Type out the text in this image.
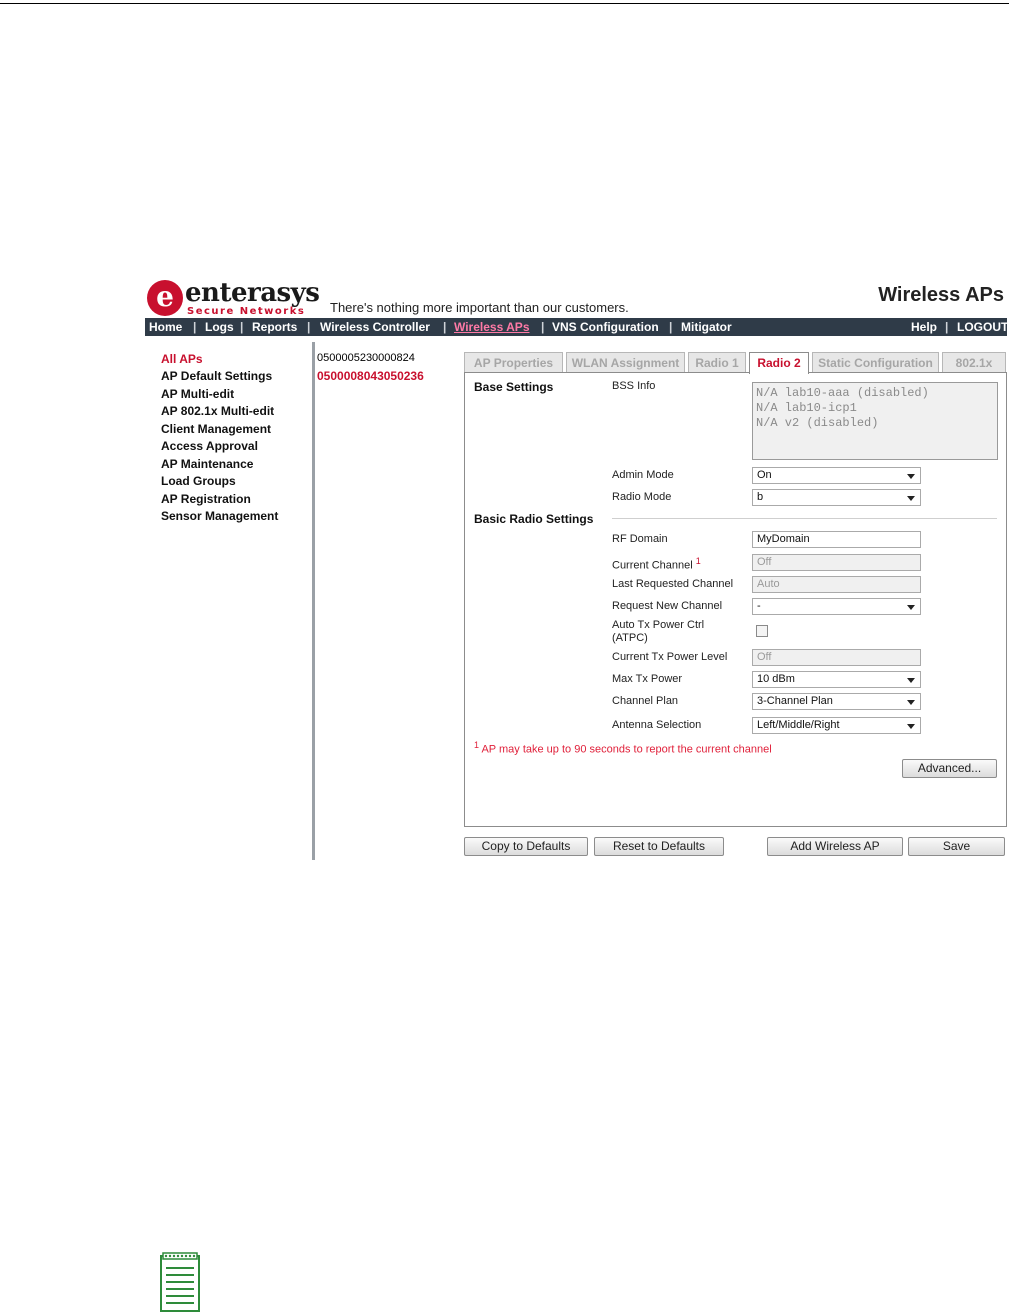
e enterasys
Secure Networks There's nothing more important than our customers.
Wireless APs
Home | Logs | Reports | Wireless Controller | Wireless APs | VNS Configuration | Mitigator	Help | LOGOUT
All APs
AP Default Settings
AP Multi-edit
AP 802.1x Multi-edit
Client Management
Access Approval
AP Maintenance
Load Groups
AP Registration
Sensor Management
0500005230000824
0500008043050236
AP Properties	WLAN Assignment	Radio 1	Radio 2	Static Configuration	802.1x
Base Settings	BSS Info	N/A lab10-aaa (disabled)
N/A lab10-icp1
N/A v2 (disabled)
Admin Mode	On
Radio Mode	b
Basic Radio Settings
RF Domain	MyDomain
Current Channel $^1$	Off
Last Requested Channel	Auto
Request New Channel	-
Auto Tx Power Ctrl
(ATPC)
Current Tx Power Level	Off
Max Tx Power	10 dBm
Channel Plan	3-Channel Plan
Antenna Selection	Left/Middle/Right
$^1$ AP may take up to 90 seconds to report the current channel
Advanced...
Copy to Defaults	Reset to Defaults	Add Wireless AP	Save
